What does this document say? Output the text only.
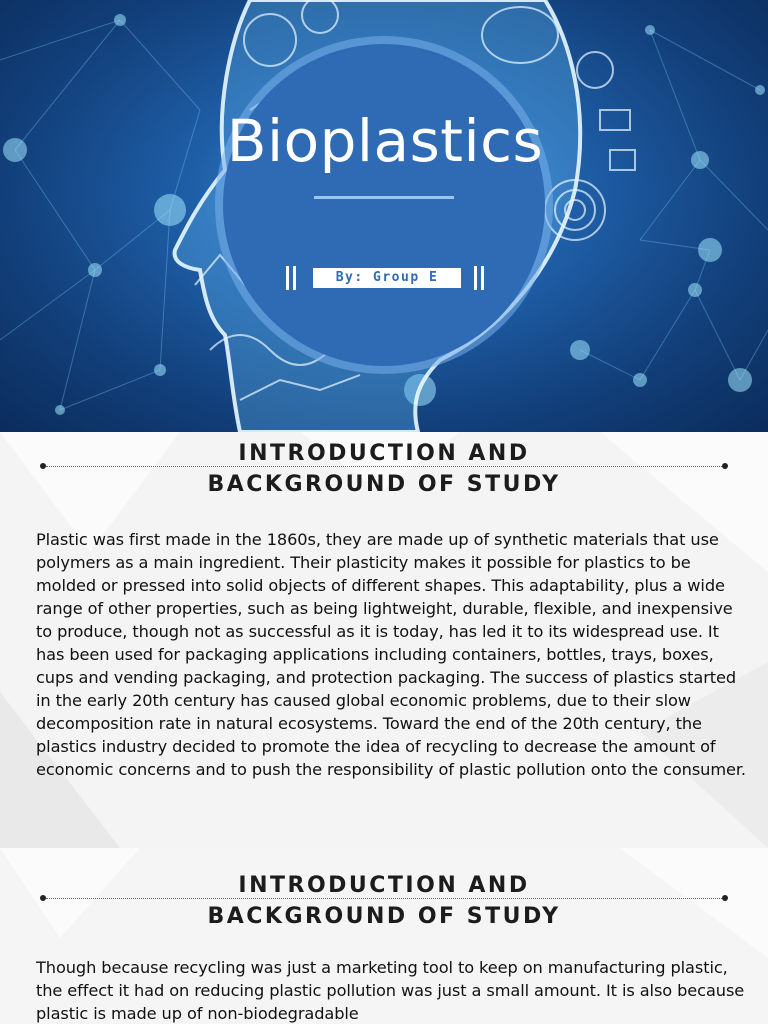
Bioplastics
By: Group E
INTRODUCTION AND
BACKGROUND OF STUDY
Plastic was first made in the 1860s, they are made up of synthetic materials that use polymers as a main ingredient. Their plasticity makes it possible for plastics to be molded or pressed into solid objects of different shapes. This adaptability, plus a wide range of other properties, such as being lightweight, durable, flexible, and inexpensive to produce, though not as successful as it is today, has led it to its widespread use. It has been used for packaging applications including containers, bottles, trays, boxes, cups and vending packaging, and protection packaging. The success of plastics started in the early 20th century has caused global economic problems, due to their slow decomposition rate in natural ecosystems. Toward the end of the 20th century, the plastics industry decided to promote the idea of recycling to decrease the amount of economic concerns and to push the responsibility of plastic pollution onto the consumer.
INTRODUCTION AND
BACKGROUND OF STUDY
Though because recycling was just a marketing tool to keep on manufacturing plastic, the effect it had on reducing plastic pollution was just a small amount. It is also because plastic is made up of non-biodegradable
